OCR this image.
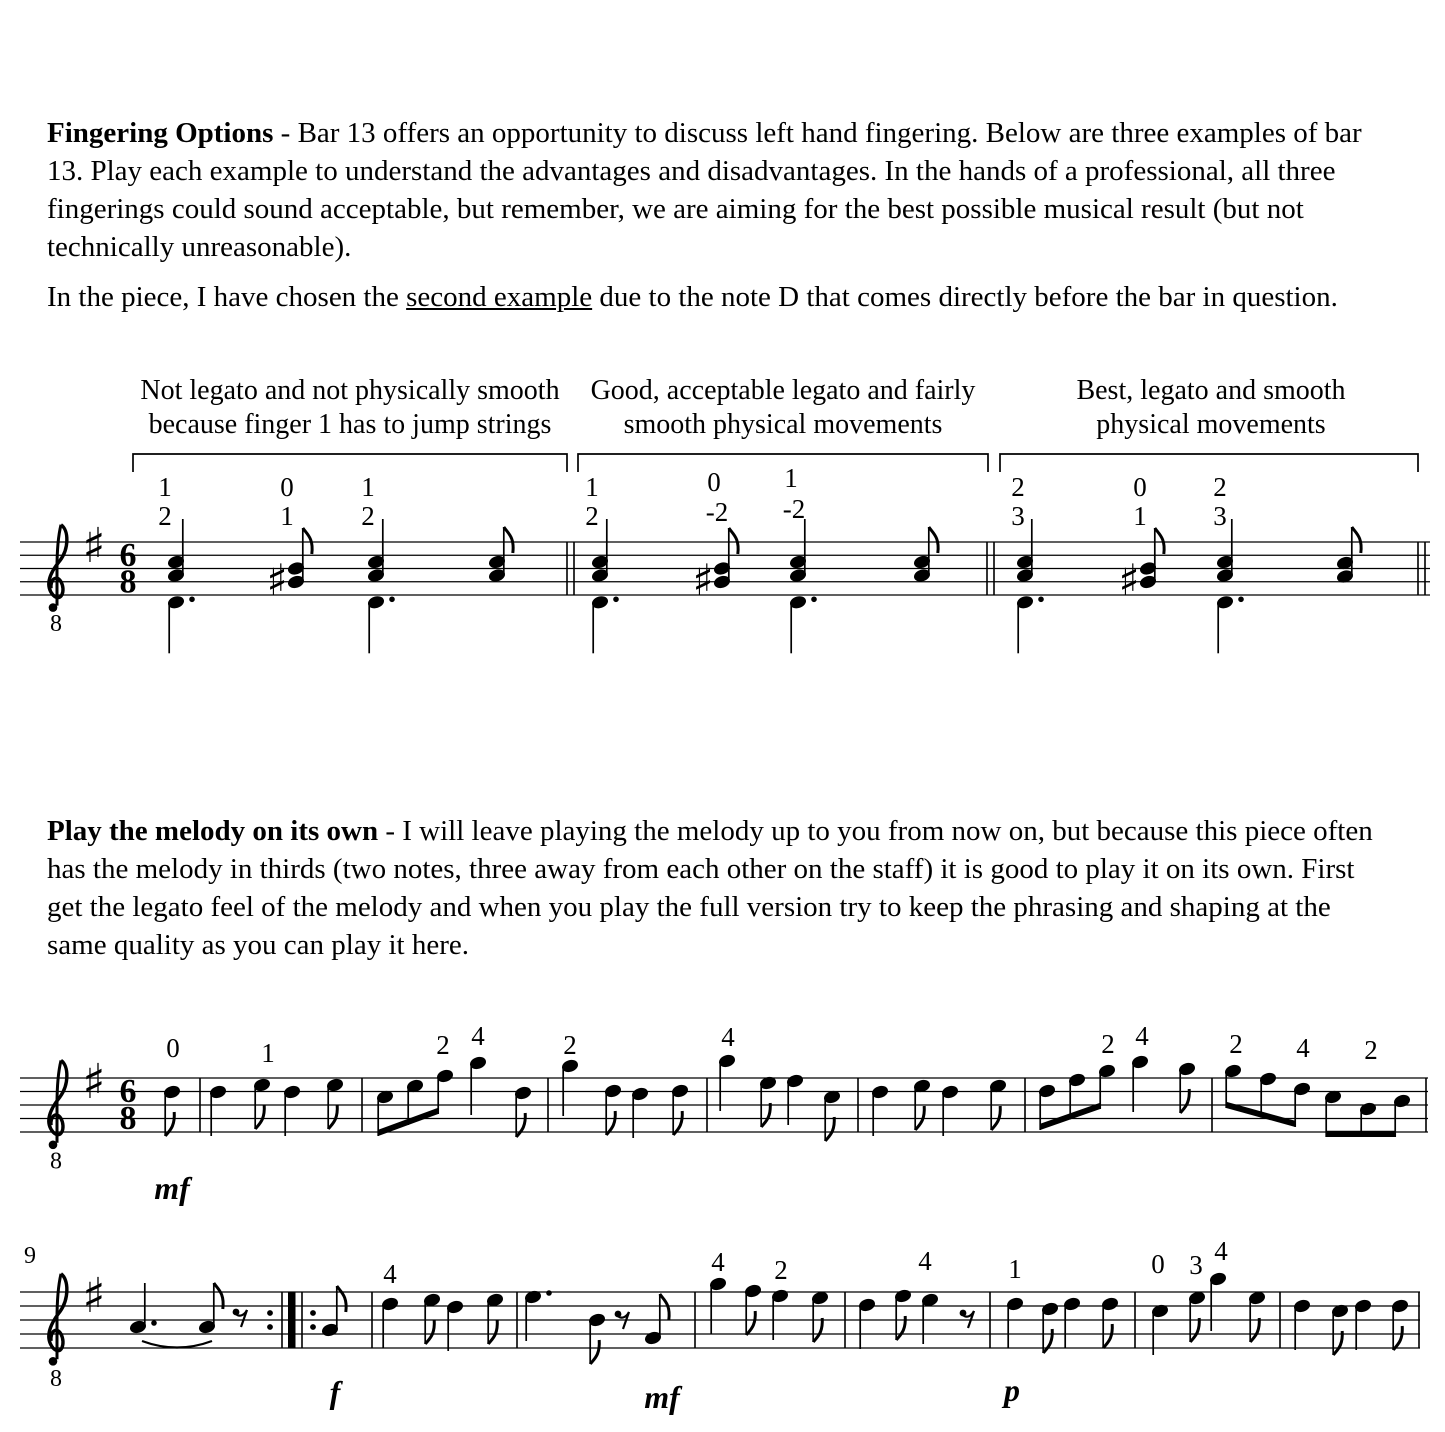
Fingering Options - Bar 13 offers an opportunity to discuss left hand fingering. Below are three examples of bar 13. Play each example to understand the advantages and disadvantages. In the hands of a professional, all three fingerings could sound acceptable, but remember, we are aiming for the best possible musical result (but not technically unreasonable).
In the piece, I have chosen the second example due to the note D that comes directly before the bar in question.
Not legato and not physically smooth
because finger 1 has to jump strings
Good, acceptable legato and fairly
smooth physical movements
Best, legato and smooth
physical movements
Play the melody on its own - I will leave playing the melody up to you from now on, but because this piece often has the melody in thirds (two notes, three away from each other on the staff) it is good to play it on its own. First get the legato feel of the melody and when you play the full version try to keep the phrasing and shaping at the same quality as you can play it here.
8
♯ 6
8	♯	♯	♯
1
2
0
1
1
2
1
2
0
-2
1
-2
2
3
0
1
2
3
8
♯ 6
8
0	1	2 4	2	4	2 4	2 4 2
mf
8
♯
9
4	4 2	4	1	0 3 4
f	mf	p
